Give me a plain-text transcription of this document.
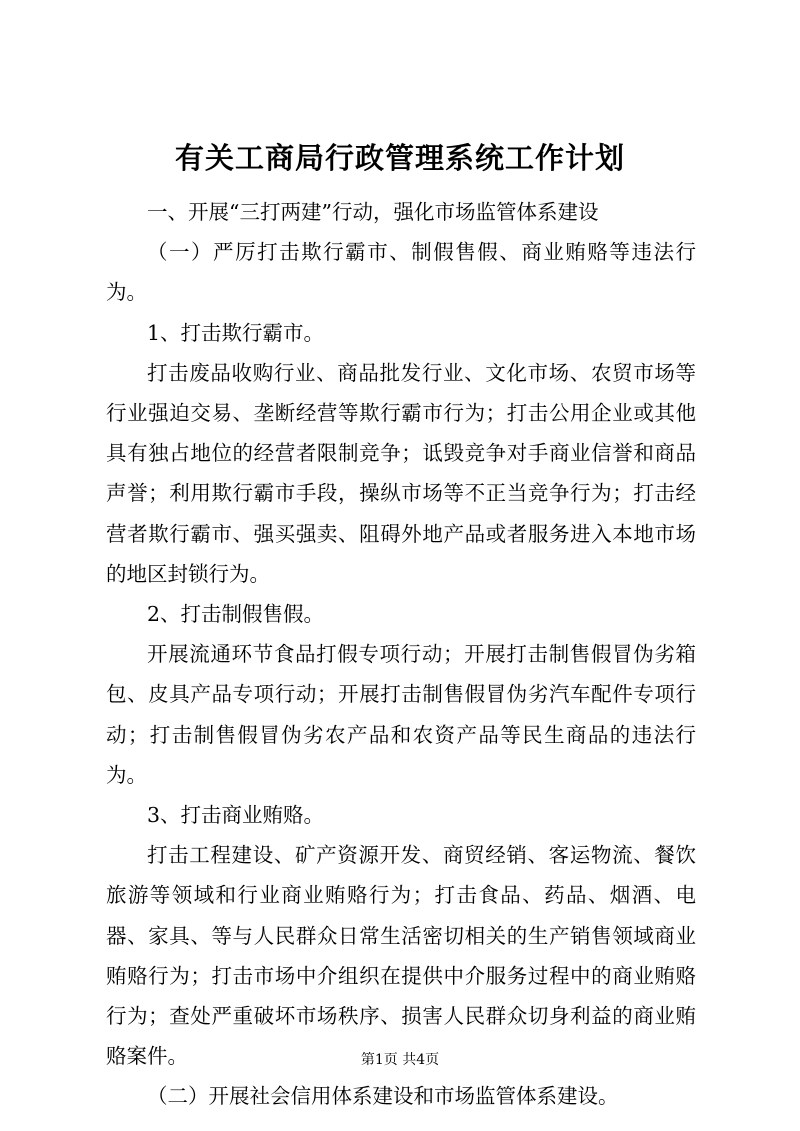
有关工商局行政管理系统工作计划

一、开展“三打两建”行动，强化市场监管体系建设

（一）严厉打击欺行霸市、制假售假、商业贿赂等违法行为。

1、打击欺行霸市。

打击废品收购行业、商品批发行业、文化市场、农贸市场等行业强迫交易、垄断经营等欺行霸市行为；打击公用企业或其他具有独占地位的经营者限制竞争；诋毁竞争对手商业信誉和商品声誉；利用欺行霸市手段，操纵市场等不正当竞争行为；打击经营者欺行霸市、强买强卖、阻碍外地产品或者服务进入本地市场的地区封锁行为。

2、打击制假售假。

开展流通环节食品打假专项行动；开展打击制售假冒伪劣箱包、皮具产品专项行动；开展打击制售假冒伪劣汽车配件专项行动；打击制售假冒伪劣农产品和农资产品等民生商品的违法行为。

3、打击商业贿赂。

打击工程建设、矿产资源开发、商贸经销、客运物流、餐饮旅游等领域和行业商业贿赂行为；打击食品、药品、烟酒、电器、家具、等与人民群众日常生活密切相关的生产销售领域商业贿赂行为；打击市场中介组织在提供中介服务过程中的商业贿赂行为；查处严重破坏市场秩序、损害人民群众切身利益的商业贿赂案件。

（二）开展社会信用体系建设和市场监管体系建设。

第1页 共4页
